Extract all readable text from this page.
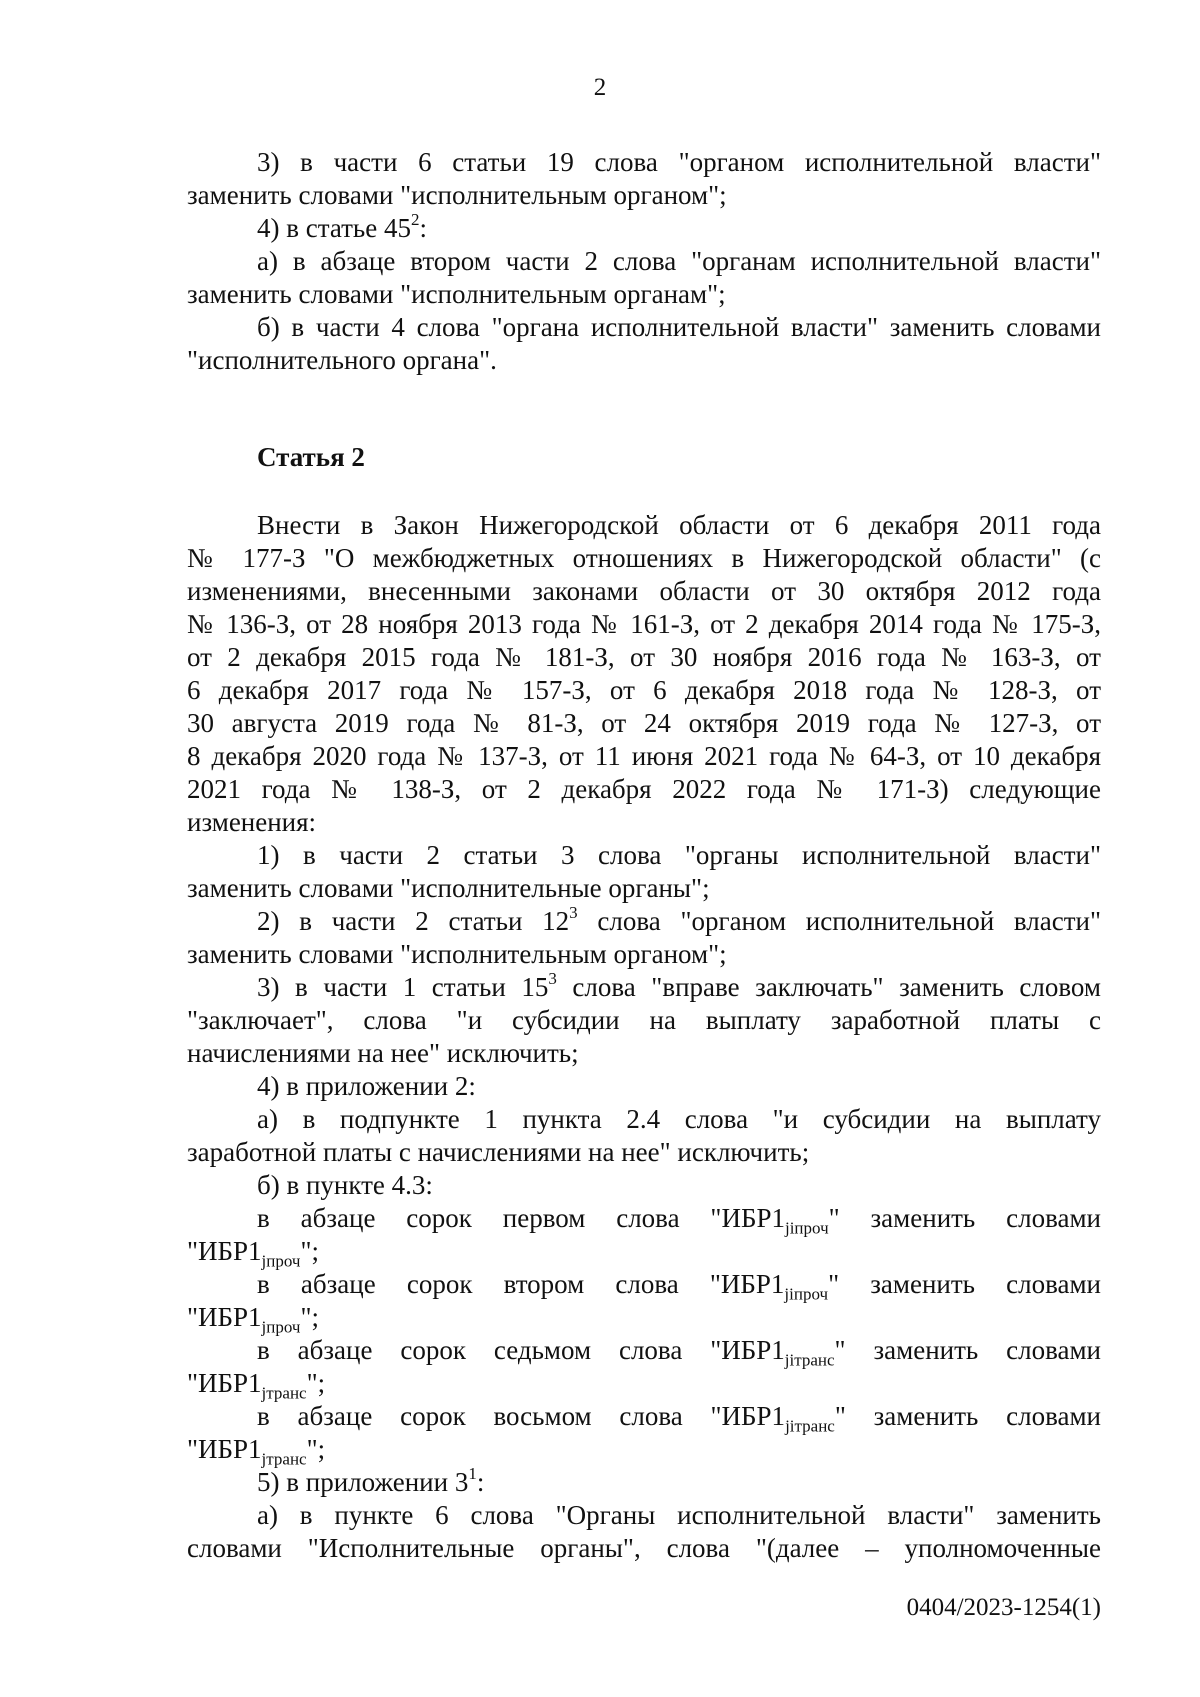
2
3) в части 6 статьи 19 слова "органом исполнительной власти"
заменить словами "исполнительным органом";
4) в статье $45^2$:
а) в абзаце втором части 2 слова "органам исполнительной власти"
заменить словами "исполнительным органам";
б) в части 4 слова "органа исполнительной власти" заменить словами
"исполнительного органа".
Статья 2
Внести в Закон Нижегородской области от 6 декабря 2011 года
№ 177-З "О межбюджетных отношениях в Нижегородской области" (с
изменениями, внесенными законами области от 30 октября 2012 года
№ 136-З, от 28 ноября 2013 года № 161-З, от 2 декабря 2014 года № 175-З,
от 2 декабря 2015 года № 181-З, от 30 ноября 2016 года № 163-З, от
6 декабря 2017 года № 157-З, от 6 декабря 2018 года № 128-З, от
30 августа 2019 года № 81-З, от 24 октября 2019 года № 127-З, от
8 декабря 2020 года № 137-З, от 11 июня 2021 года № 64-З, от 10 декабря
2021 года № 138-З, от 2 декабря 2022 года № 171-З) следующие
изменения:
1) в части 2 статьи 3 слова "органы исполнительной власти"
заменить словами "исполнительные органы";
2) в части 2 статьи $12^3$ слова "органом исполнительной власти"
заменить словами "исполнительным органом";
3) в части 1 статьи $15^3$ слова "вправе заключать" заменить словом
"заключает", слова "и субсидии на выплату заработной платы с
начислениями на нее" исключить;
4) в приложении 2:
а) в подпункте 1 пункта 2.4 слова "и субсидии на выплату
заработной платы с начислениями на нее" исключить;
б) в пункте 4.3:
в абзаце сорок первом слова "$ИБР1_{jiпроч}$" заменить словами
"$ИБР1_{jпроч}$";
в абзаце сорок втором слова "$ИБР1_{jiпроч}$" заменить словами
"$ИБР1_{jпроч}$";
в абзаце сорок седьмом слова "$ИБР1_{jiтранс}$" заменить словами
"$ИБР1_{jтранс}$";
в абзаце сорок восьмом слова "$ИБР1_{jiтранс}$" заменить словами
"$ИБР1_{jтранс}$";
5) в приложении $3^1$:
а) в пункте 6 слова "Органы исполнительной власти" заменить
словами "Исполнительные органы", слова "(далее – уполномоченные
0404/2023-1254(1)
